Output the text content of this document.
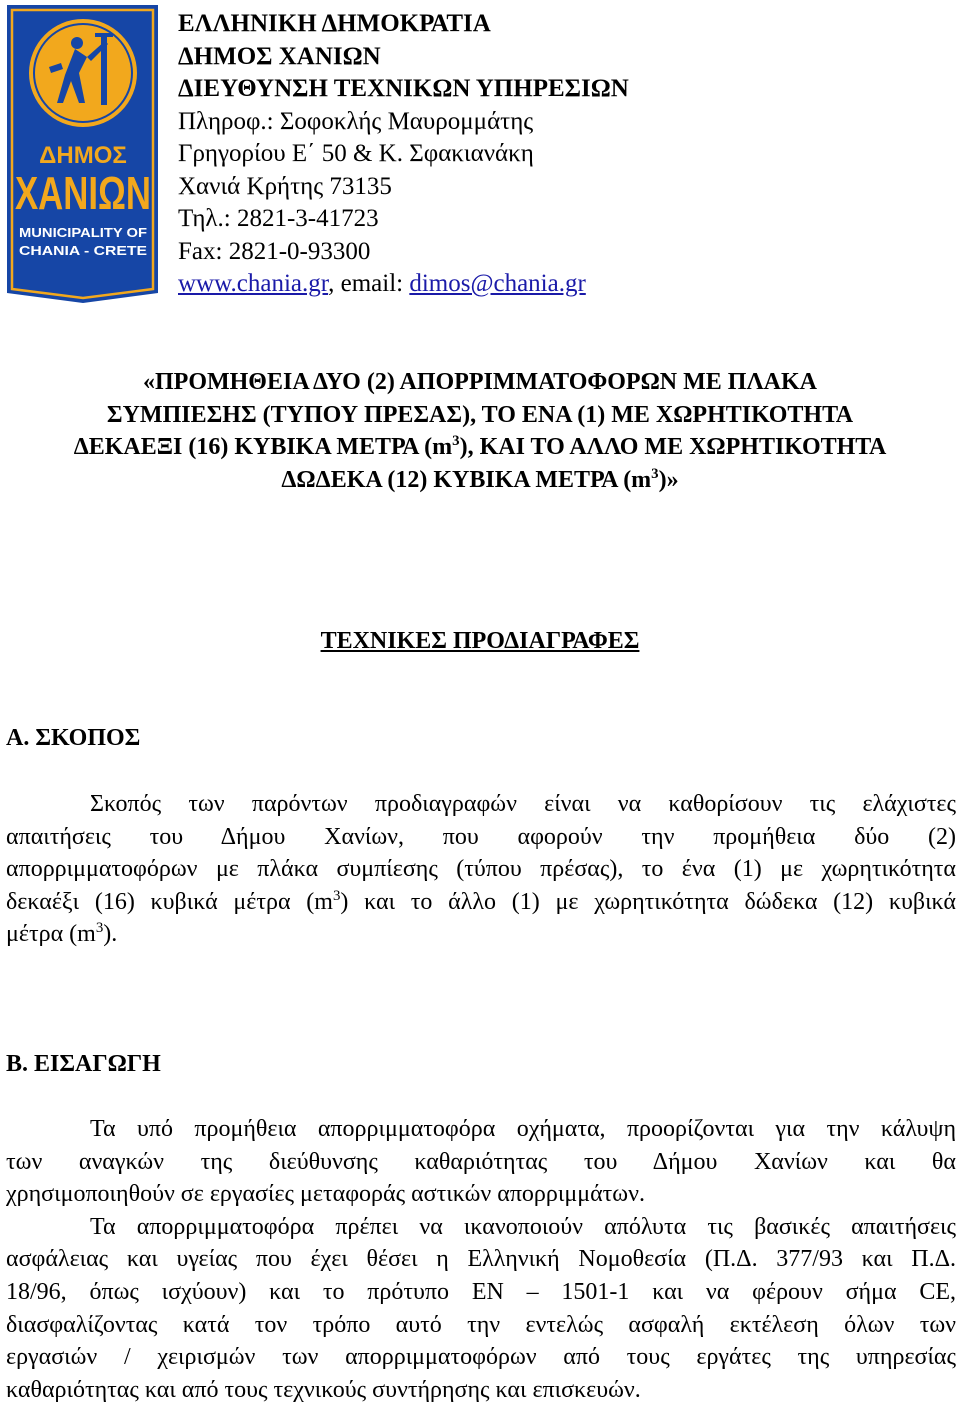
ΔΗΜΟΣ
ΧΑΝΙΩΝ
MUNICIPALITY OF
CHANIA - CRETE
ΕΛΛΗΝΙΚΗ ΔΗΜΟΚΡΑΤΙΑ
ΔΗΜΟΣ ΧΑΝΙΩΝ
ΔΙΕΥΘΥΝΣΗ ΤΕΧΝΙΚΩΝ ΥΠΗΡΕΣΙΩΝ
Πληροφ.: Σοφοκλής Μαυρομμάτης
Γρηγορίου Ε΄ 50 & Κ. Σφακιανάκη
Χανιά Κρήτης 73135
Τηλ.: 2821-3-41723
Fax: 2821-0-93300
www.chania.gr, email: dimos@chania.gr
«ΠΡΟΜΗΘΕΙΑ ΔΥΟ (2) ΑΠΟΡΡΙΜΜΑΤΟΦΟΡΩΝ ΜΕ ΠΛΑΚΑ
ΣΥΜΠΙΕΣΗΣ (ΤΥΠΟΥ ΠΡΕΣΑΣ), ΤΟ ΕΝΑ (1) ΜΕ ΧΩΡΗΤΙΚΟΤΗΤΑ
ΔΕΚΑΕΞΙ (16) ΚΥΒΙΚΑ ΜΕΤΡΑ $(m^3)$, ΚΑΙ ΤΟ ΑΛΛΟ ΜΕ ΧΩΡΗΤΙΚΟΤΗΤΑ
ΔΩΔΕΚΑ (12) ΚΥΒΙΚΑ ΜΕΤΡΑ $(m^3)$»
ΤΕΧΝΙΚΕΣ ΠΡΟΔΙΑΓΡΑΦΕΣ
Α. ΣΚΟΠΟΣ
Σκοπός των παρόντων προδιαγραφών είναι να καθορίσουν τις ελάχιστες
απαιτήσεις του Δήμου Χανίων, που αφορούν την προμήθεια δύο (2)
απορριμματοφόρων με πλάκα συμπίεσης (τύπου πρέσας), το ένα (1) με χωρητικότητα
δεκαέξι (16) κυβικά μέτρα $(m^3)$ και το άλλο (1) με χωρητικότητα δώδεκα (12) κυβικά
μέτρα $(m^3)$.
Β. ΕΙΣΑΓΩΓΗ
Τα υπό προμήθεια απορριμματοφόρα οχήματα, προορίζονται για την κάλυψη
των αναγκών της διεύθυνσης καθαριότητας του Δήμου Χανίων και θα
χρησιμοποιηθούν σε εργασίες μεταφοράς αστικών απορριμμάτων.
Τα απορριμματοφόρα πρέπει να ικανοποιούν απόλυτα τις βασικές απαιτήσεις
ασφάλειας και υγείας που έχει θέσει η Ελληνική Νομοθεσία (Π.Δ. 377/93 και Π.Δ.
18/96, όπως ισχύουν) και το πρότυπο ΕΝ – 1501-1 και να φέρουν σήμα CE,
διασφαλίζοντας κατά τον τρόπο αυτό την εντελώς ασφαλή εκτέλεση όλων των
εργασιών / χειρισμών των απορριμματοφόρων από τους εργάτες της υπηρεσίας
καθαριότητας και από τους τεχνικούς συντήρησης και επισκευών.
